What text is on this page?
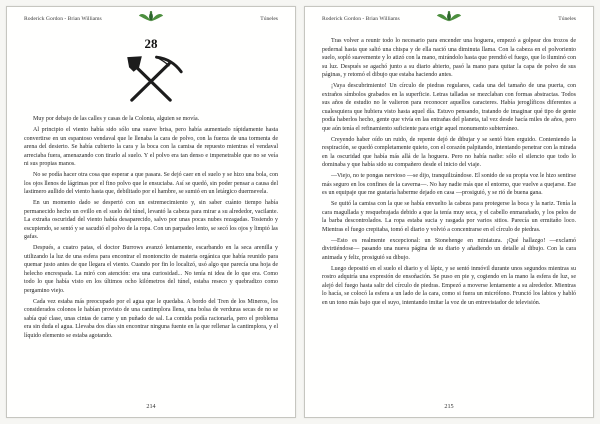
Roderick Gordon - Brian Williams	Túneles
28

Muy por debajo de las calles y casas de la Colonia, alguien se movía.

Al principio el viento había sido sólo una suave brisa, pero había aumentado rápidamente hasta convertirse en un espantoso vendaval que le llenaba la cara de polvo, con la fuerza de una tormenta de arena del desierto. Se había cubierto la cara y la boca con la camisa de repuesto mientras el vendaval arreciaba fuera, amenazando con tirarlo al suelo. Y el polvo era tan denso e impenetrable que no se veía ni sus propias manos.

No se podía hacer otra cosa que esperar a que pasara. Se dejó caer en el suelo y se hizo una bola, con los ojos llenos de lágrimas por el fino polvo que le ensuciaba. Así se quedó, sin poder pensar a causa del lastimero aullido del viento hasta que, debilitado por el hambre, se sumió en un letárgico duermevela.

En un momento dado se despertó con un estremecimiento y, sin saber cuánto tiempo había permanecido hecho un ovillo en el suelo del túnel, levantó la cabeza para mirar a su alrededor, vacilante. La extraña oscuridad del viento había desaparecido, salvo por unas pocas nubes rezagadas. Tosiendo y escupiendo, se sentó y se sacudió el polvo de la ropa. Con un parpadeo lento, se secó los ojos y limpió las gafas.

Después, a cuatro patas, el doctor Burrows avanzó lentamente, escarbando en la seca arenilla y utilizando la luz de una esfera para encontrar el montoncito de materia orgánica que había reunido para quemar justo antes de que llegara el viento. Cuando por fin lo localizó, usó algo que parecía una hoja de helecho encrespada. La miró con atención: era una curiosidad... No tenía ni idea de lo que era. Como todo lo que había visto en los últimos ocho kilómetros del túnel, estaba reseco y quebradizo como pergamino viejo.

Cada vez estaba más preocupado por el agua que le quedaba. A bordo del Tren de los Mineros, los considerados colonos le habían provisto de una cantimplora llena, una bolsa de verduras secas de no se sabía qué clase, unas cintas de carne y un puñado de sal. La comida podía racionarla, pero el problema era sin duda el agua. Llevaba dos días sin encontrar ninguna fuente en la que rellenar la cantimplora, y el líquido elemento se estaba agotando.

214
Roderick Gordon - Brian Williams	Túneles

Tras volver a reunir todo lo necesario para encender una hoguera, empezó a golpear dos trozos de pedernal hasta que saltó una chispa y de ella nació una diminuta llama. Con la cabeza en el polvoriento suelo, sopló suavemente y lo atizó con la mano, mirándolo hasta que prendió el fuego, que lo iluminó con su luz. Después se agachó junto a su diario abierto, pasó la mano para quitar la capa de polvo de sus páginas, y retomó el dibujo que estaba haciendo antes.

¡Vaya descubrimiento! Un círculo de piedras regulares, cada una del tamaño de una puerta, con extraños símbolos grabados en la superficie. Letras talladas se mezclaban con formas abstractas. Todos sus años de estudio no le valieron para reconocer aquellos caracteres. Había jeroglíficos diferentes a cualesquiera que hubiera visto hasta aquel día. Estuvo pensando, tratando de imaginar qué tipo de gente podía haberlos hecho, gente que vivía en las entrañas del planeta, tal vez desde hacía miles de años, pero que aún tenía el refinamiento suficiente para erigir aquel monumento subterráneo.

Creyendo haber oído un ruido, de repente dejó de dibujar y se sentó bien erguido. Conteniendo la respiración, se quedó completamente quieto, con el corazón palpitando, intentando penetrar con la mirada en la oscuridad que había más allá de la hoguera. Pero no había nadie: sólo el silencio que todo lo dominaba y que había sido su compañero desde el inicio del viaje.

—Viejo, no te pongas nervioso —se dijo, tranquilizándose. El sonido de su propia voz le hizo sentirse más seguro en los confines de la caverna—. No hay nadie más que el entorno, que vuelve a quejarse. Ese es un equipaje que me gustaría haberme dejado en casa —prosiguió, y se rió de buena gana.

Se quitó la camisa con la que se había envuelto la cabeza para protegerse la boca y la nariz. Tenía la cara magullada y resquebrajada debido a que la tenía muy seca, y el cabello enmarañado, y los pelos de la barba descontrolados. La ropa estaba sucia y rasgada por varios sitios. Parecía un ermitaño loco. Mientras el fuego crepitaba, tomó el diario y volvió a concentrarse en el círculo de piedras.

—Esto es realmente excepcional: un Stonehenge en miniatura. ¡Qué hallazgo! —exclamó divirtiéndose— pasando una nueva página de su diario y añadiendo un detalle al dibujo. Con la cara animada y feliz, prosiguió su dibujo.

Luego depositó en el suelo el diario y el lápiz, y se sentó inmóvil durante unos segundos mientras su rostro adquiría una expresión de ensoñación. Se puso en pie y, cogiendo en la mano la esfera de luz, se alejó del fuego hasta salir del círculo de piedras. Empezó a moverse lentamente a su alrededor. Mientras lo hacía, se colocó la esfera a un lado de la cara, como si fuera un micrófono. Frunció los labios y habló en un tono más bajo que el suyo, intentando imitar la voz de un entrevistador de televisión.

215
